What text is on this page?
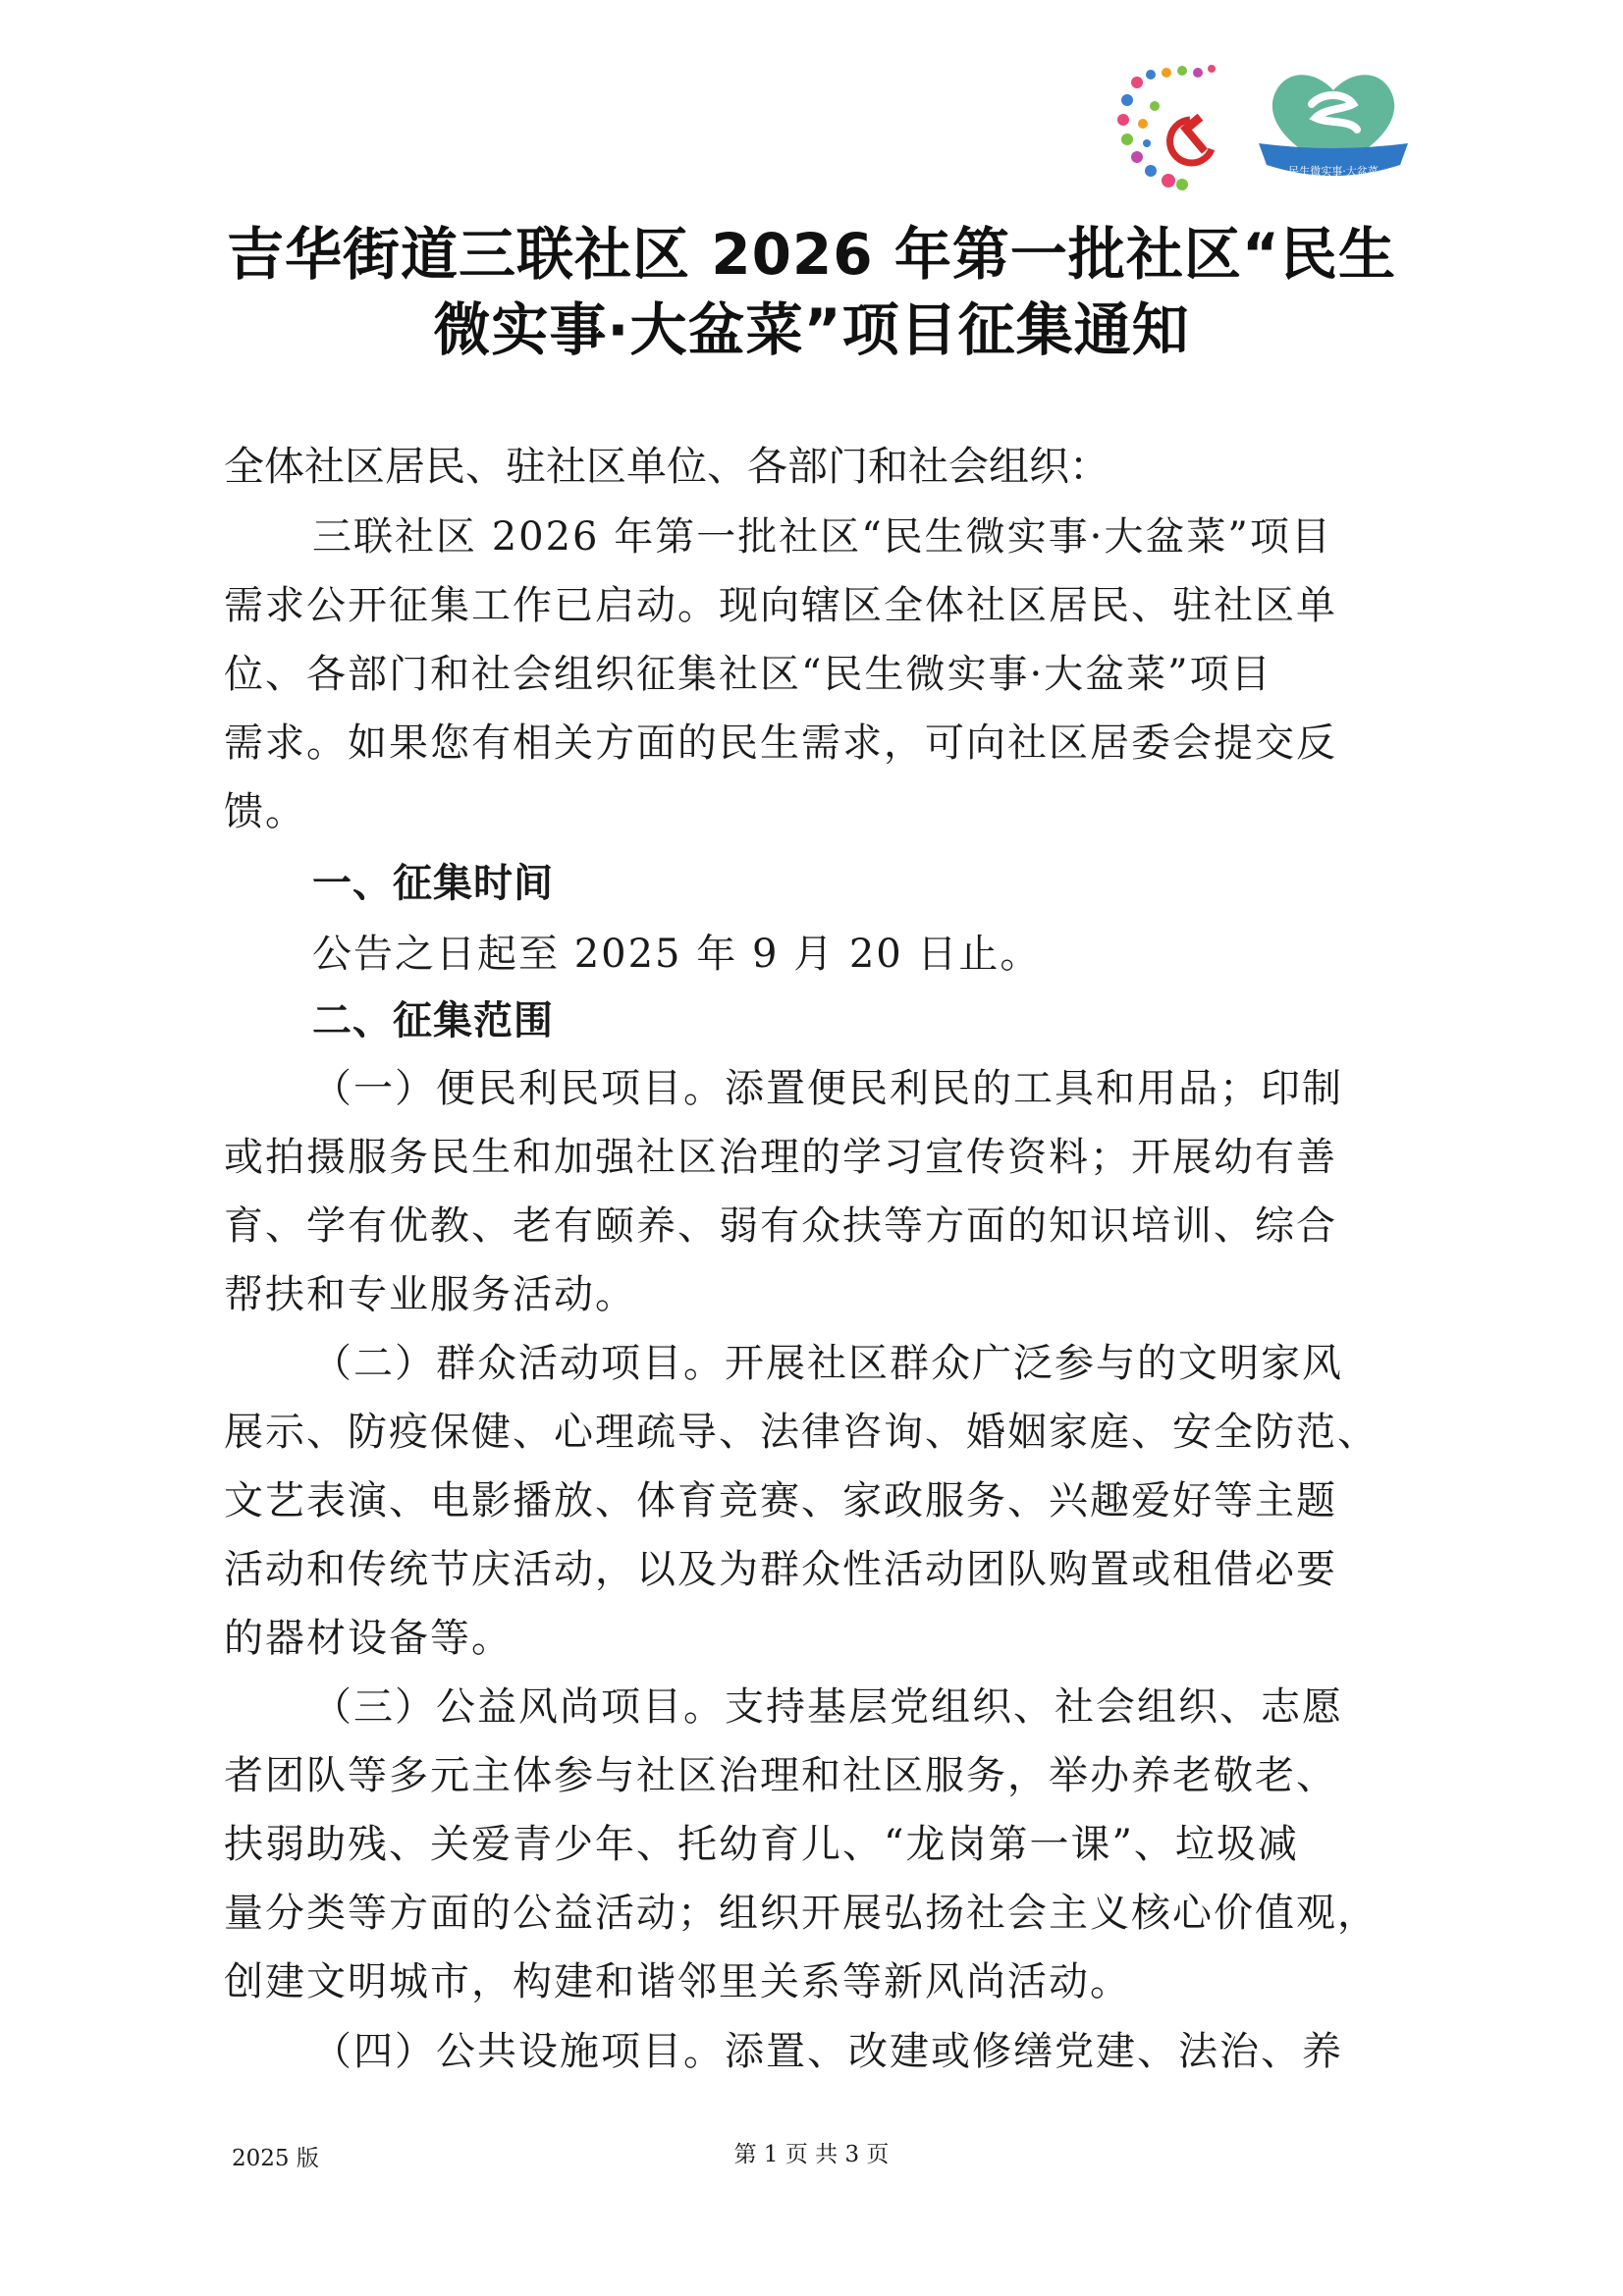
民生微实事·大盆菜
吉华街道三联社区 2026 年第一批社区“民生
微实事·大盆菜”项目征集通知
全体社区居民、驻社区单位、各部门和社会组织：
三联社区 2026 年第一批社区“民生微实事·大盆菜”项目
需求公开征集工作已启动。现向辖区全体社区居民、驻社区单
位、各部门和社会组织征集社区“民生微实事·大盆菜”项目
需求。如果您有相关方面的民生需求，可向社区居委会提交反
馈。
一、征集时间
公告之日起至 2025 年 9 月 20 日止。
二、征集范围
（一）便民利民项目。添置便民利民的工具和用品；印制
或拍摄服务民生和加强社区治理的学习宣传资料；开展幼有善
育、学有优教、老有颐养、弱有众扶等方面的知识培训、综合
帮扶和专业服务活动。
（二）群众活动项目。开展社区群众广泛参与的文明家风
展示、防疫保健、心理疏导、法律咨询、婚姻家庭、安全防范、
文艺表演、电影播放、体育竞赛、家政服务、兴趣爱好等主题
活动和传统节庆活动，以及为群众性活动团队购置或租借必要
的器材设备等。
（三）公益风尚项目。支持基层党组织、社会组织、志愿
者团队等多元主体参与社区治理和社区服务，举办养老敬老、
扶弱助残、关爱青少年、托幼育儿、“龙岗第一课”、垃圾减
量分类等方面的公益活动；组织开展弘扬社会主义核心价值观，
创建文明城市，构建和谐邻里关系等新风尚活动。
（四）公共设施项目。添置、改建或修缮党建、法治、养
2025 版	第 1 页 共 3 页
